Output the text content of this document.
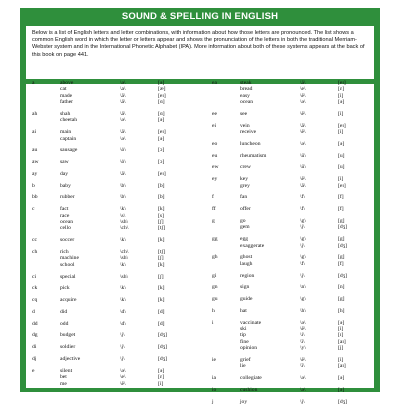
SOUND & SPELLING IN ENGLISH
Below is a list of English letters and letter combinations, with information about how those letters are pronounced. The list shows a common English word in which the letter or letters appear and shows the pronunciation of the letters in both the traditional Merriam-Webster system and in the International Phonetic Alphabet (IPA). More information about both of these systems appears at the back of this book on page 441.
a	above	\ə\	[ə]
cat	\a\	[æ]
made	\ā\	[eɪ]
father	\ä\	[ɑ]
ah	shah	\ä\	[ɑ]
cheetah	\ə\	[ə]
ai	main	\ā\	[eɪ]
captain	\ə\	[ə]
au	sausage	\ȯ\	[ɔ]
aw	saw	\ȯ\	[ɔ]
ay	day	\ā\	[eɪ]
b	baby	\b\	[b]
bb	rubber	\b\	[b]
c	fact	\k\	[k]
race	\s\	[s]
ocean	\sh\	[ʃ]
cello	\ch\	[tʃ]
cc	soccer	\k\	[k]
ch	rich	\ch\	[tʃ]
machine	\sh\	[ʃ]
school	\k\	[k]
ci	special	\sh\	[ʃ]
ck	pick	\k\	[k]
cq	acquire	\k\	[k]
d	did	\d\	[d]
dd	odd	\d\	[d]
dg	budget	\j\	[dʒ]
di	soldier	\j\	[dʒ]
dj	adjective	\j\	[dʒ]
e	silent	\ə\	[ə]
bet	\e\	[ɛ]
me	\ē\	[i]
ea	steak	\ā\	[eɪ]
bread	\e\	[ɛ]
easy	\ē\	[i]
ocean	\ə\	[ə]
ee	see	\ē\	[i]
ei	vein	\ā\	[eɪ]
receive	\ē\	[i]
eo	luncheon	\ə\	[ə]
eu	rheumatism	\ü\	[u]
ew	crew	\ü\	[u]
ey	key	\ē\	[i]
grey	\ā\	[eɪ]
f	fan	\f\	[f]
ff	offer	\f\	[f]
g	go	\g\	[g]
gem	\j\	[dʒ]
gg	egg	\g\	[g]
exaggerate	\j\	[dʒ]
gh	ghost	\g\	[g]
laugh	\f\	[f]
gi	region	\j\	[dʒ]
gn	sign	\n\	[n]
gu	guide	\g\	[g]
h	hat	\h\	[h]
i	vaccinate	\ə\	[ə]
ski	\ē\	[i]
tip	\i\	[ɪ]
fine	\ī\	[aɪ]
opinion	\y\	[j]
ie	grief	\ē\	[i]
lie	\ī\	[aɪ]
ia	collegiate	\ə\	[ə]
io	cushion	\ə\	[ə]
j	joy	\j\	[dʒ]
